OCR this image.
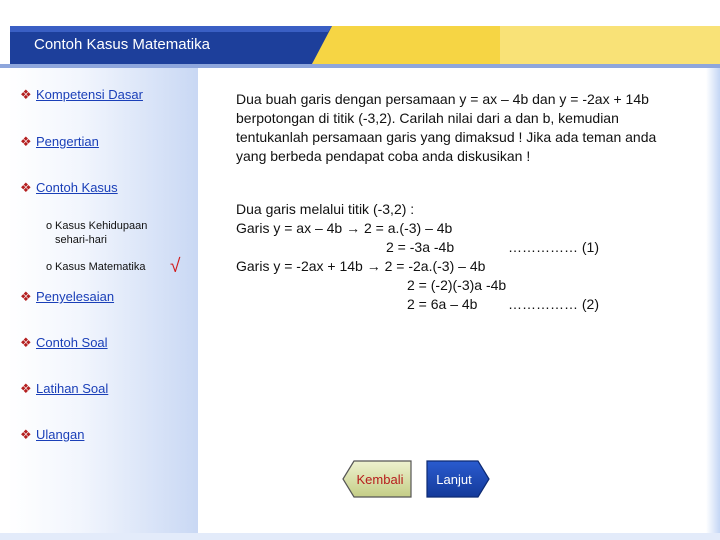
Contoh Kasus Matematika
❖ Kompetensi Dasar
❖ Pengertian
❖ Contoh Kasus
o Kasus Kehidupaan
sehari-hari
o Kasus Matematika √
❖ Penyelesaian
❖ Contoh Soal
❖ Latihan Soal
❖ Ulangan
Dua buah garis dengan persamaan y = ax – 4b dan y = -2ax + 14b berpotongan di titik (-3,2). Carilah nilai dari a dan b, kemudian tentukanlah persamaan garis yang dimaksud ! Jika ada teman anda yang berbeda pendapat coba anda diskusikan !
Dua garis melalui titik (-3,2) :
Garis y = ax – 4b → 2 = a.(-3) – 4b
2 = -3a -4b	…………… (1)
Garis y = -2ax + 14b → 2 = -2a.(-3) – 4b
2 = (-2)(-3)a -4b
2 = 6a – 4b …………… (2)
Kembali	Lanjut
